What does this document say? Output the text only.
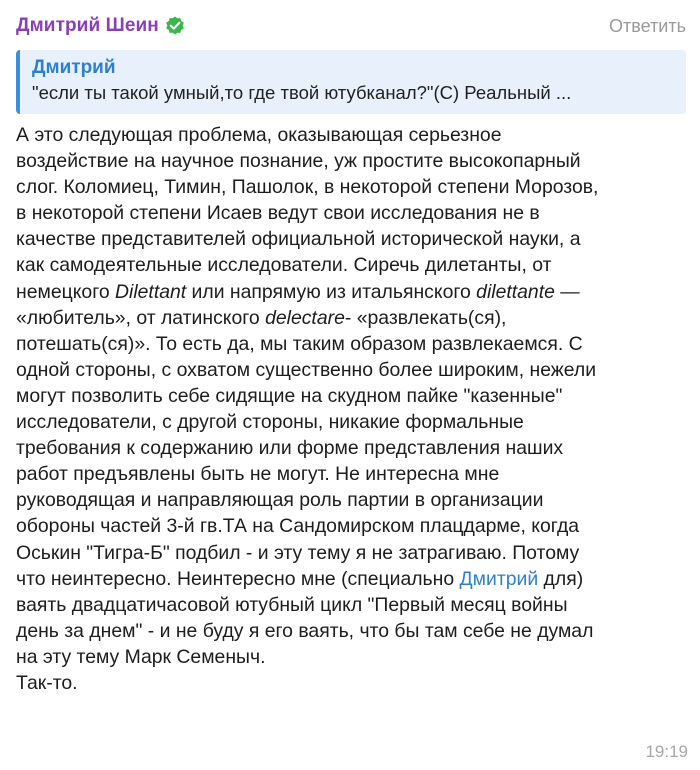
Дмитрий Шеин	Ответить
Дмитрий
"если ты такой умный,то где твой ютубканал?"(С) Реальный ...
А это следующая проблема, оказывающая серьезное
воздействие на научное познание, уж простите высокопарный
слог. Коломиец, Тимин, Пашолок, в некоторой степени Морозов,
в некоторой степени Исаев ведут свои исследования не в
качестве представителей официальной исторической науки, а
как самодеятельные исследователи. Сиречь дилетанты, от
немецкого Dilettant или напрямую из итальянского dilettante —
«любитель», от латинского delectare- «развлекать(ся),
потешать(ся)». То есть да, мы таким образом развлекаемся. С
одной стороны, с охватом существенно более широким, нежели
могут позволить себе сидящие на скудном пайке "казенные"
исследователи, с другой стороны, никакие формальные
требования к содержанию или форме представления наших
работ предъявлены быть не могут. Не интересна мне
руководящая и направляющая роль партии в организации
обороны частей 3-й гв.ТА на Сандомирском плацдарме, когда
Оськин "Тигра-Б" подбил - и эту тему я не затрагиваю. Потому
что неинтересно. Неинтересно мне (специально Дмитрий для)
ваять двадцатичасовой ютубный цикл "Первый месяц войны
день за днем" - и не буду я его ваять, что бы там себе не думал
на эту тему Марк Семеныч.
Так-то.
19:19
